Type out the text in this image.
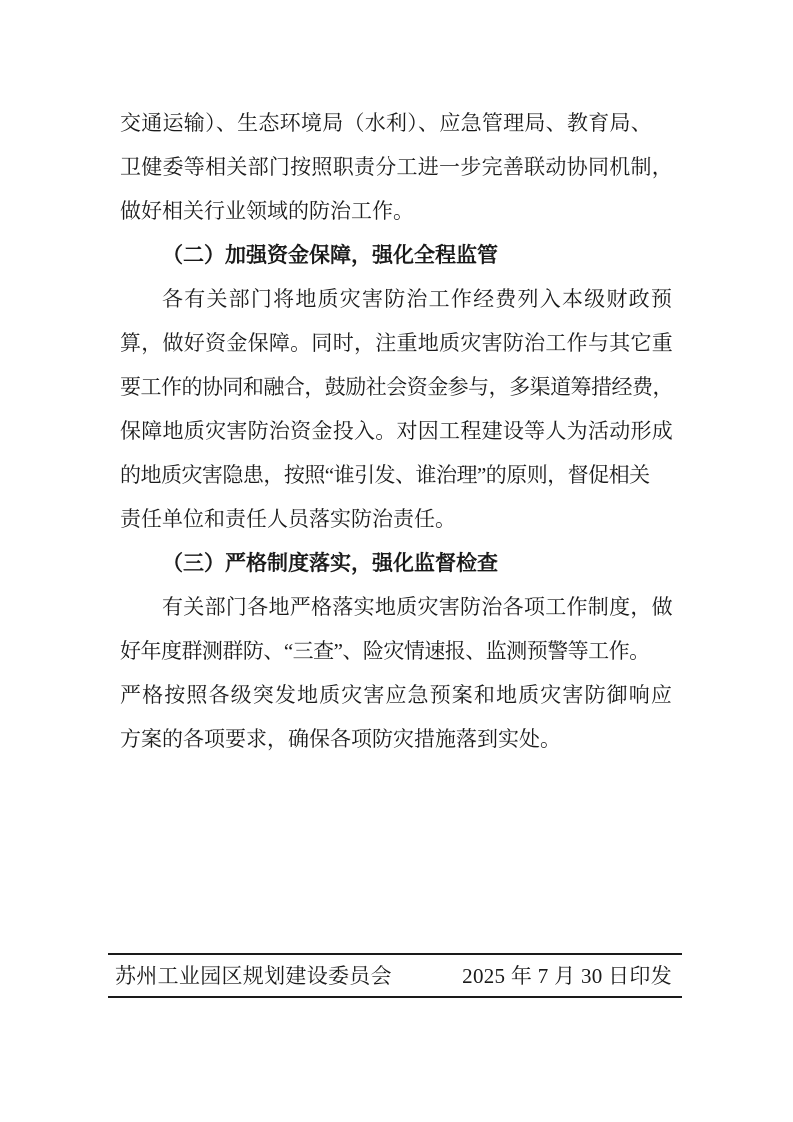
交通运输）、生态环境局（水利）、应急管理局、教育局、
卫健委等相关部门按照职责分工进一步完善联动协同机制，
做好相关行业领域的防治工作。
（二）加强资金保障，强化全程监管
各有关部门将地质灾害防治工作经费列入本级财政预
算，做好资金保障。同时，注重地质灾害防治工作与其它重
要工作的协同和融合，鼓励社会资金参与，多渠道筹措经费，
保障地质灾害防治资金投入。对因工程建设等人为活动形成
的地质灾害隐患，按照“谁引发、谁治理”的原则，督促相关
责任单位和责任人员落实防治责任。
（三）严格制度落实，强化监督检查
有关部门各地严格落实地质灾害防治各项工作制度，做
好年度群测群防、“三查”、险灾情速报、监测预警等工作。
严格按照各级突发地质灾害应急预案和地质灾害防御响应
方案的各项要求，确保各项防灾措施落到实处。
苏州工业园区规划建设委员会	2025 年 7 月 30 日印发
